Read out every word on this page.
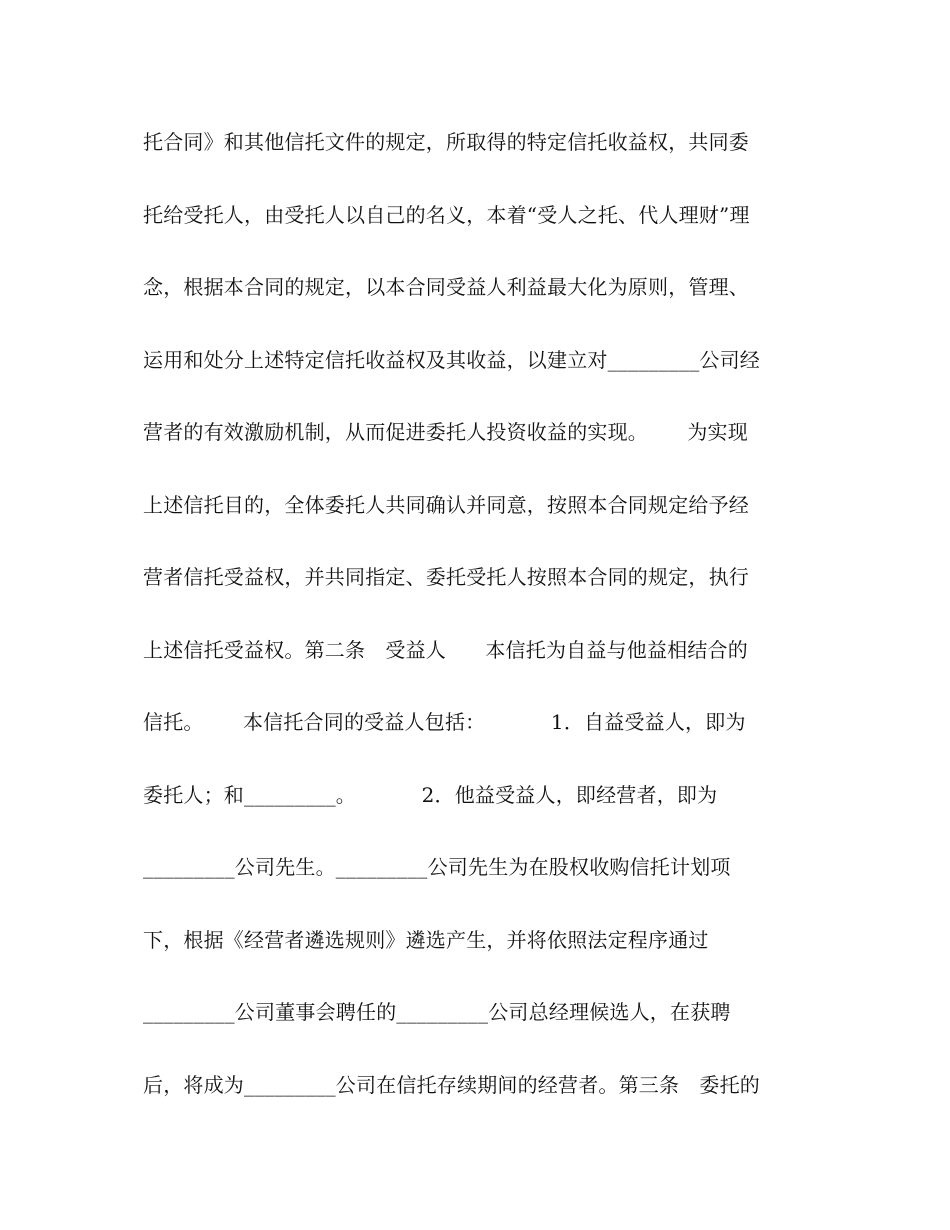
托合同》和其他信托文件的规定，所取得的特定信托收益权，共同委
托给受托人，由受托人以自己的名义，本着“受人之托、代人理财”理
念，根据本合同的规定，以本合同受益人利益最大化为原则，管理、
运用和处分上述特定信托收益权及其收益，以建立对_________公司经
营者的有效激励机制，从而促进委托人投资收益的实现。      为实现
上述信托目的，全体委托人共同确认并同意，按照本合同规定给予经
营者信托受益权，并共同指定、委托受托人按照本合同的规定，执行
上述信托受益权。第二条　受益人      本信托为自益与他益相结合的
信托。      本信托合同的受益人包括：          1．自益受益人，即为
委托人；和_________。          2．他益受益人，即经营者，即为
_________公司先生。_________公司先生为在股权收购信托计划项
下，根据《经营者遴选规则》遴选产生，并将依照法定程序通过
_________公司董事会聘任的_________公司总经理候选人，在获聘
后，将成为_________公司在信托存续期间的经营者。第三条　委托的
